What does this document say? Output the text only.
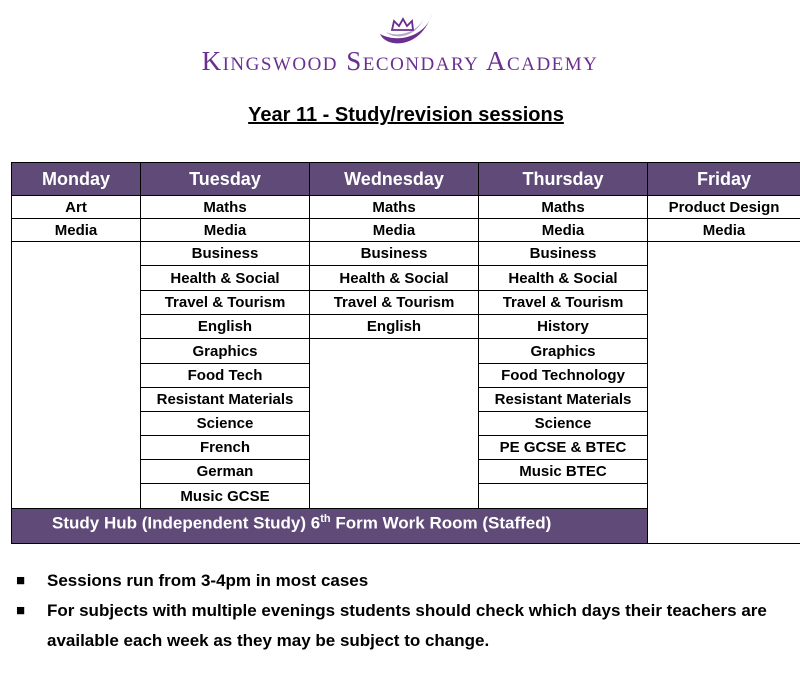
Kingswood Secondary Academy
Year 11 - Study/revision sessions
Monday	Tuesday	Wednesday	Thursday	Friday
Art	Maths	Maths	Maths	Product Design
Media	Media	Media	Media	Media
	Business	Business	Business	
	Health & Social	Health & Social	Health & Social	
	Travel & Tourism	Travel & Tourism	Travel & Tourism	
	English	English	History	
	Graphics		Graphics	
	Food Tech		Food Technology	
	Resistant Materials		Resistant Materials	
	Science		Science	
	French		PE GCSE & BTEC	
	German		Music BTEC	
	Music GCSE			
Study Hub (Independent Study) 6th Form Work Room (Staffed)				
■ Sessions run from 3-4pm in most cases
■ For subjects with multiple evenings students should check which days their teachers are available each week as they may be subject to change.
